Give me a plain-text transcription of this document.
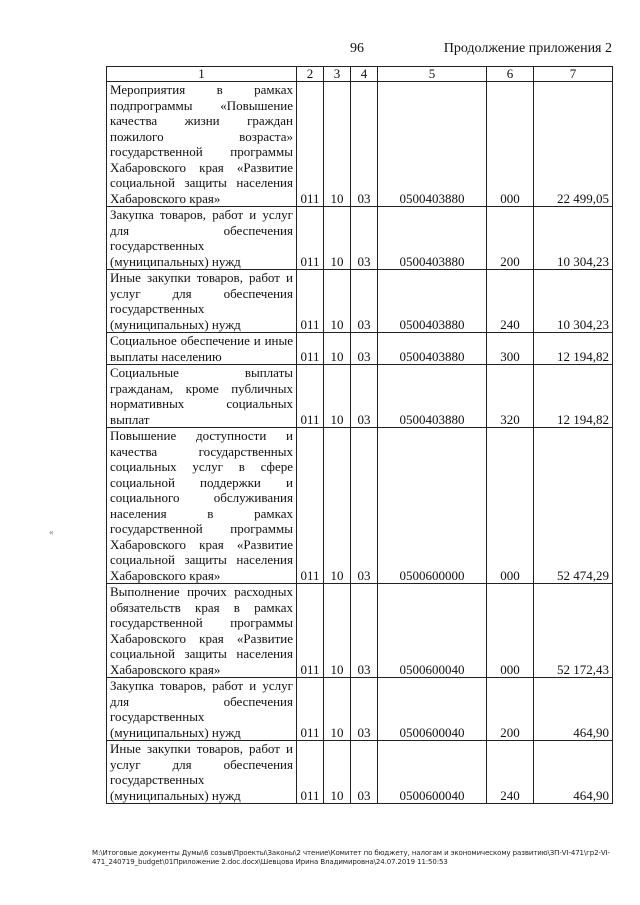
96	Продолжение приложения 2
«
1	2	3	4	5	6	7
Мероприятия в рамках подпрограммы «Повышение качества жизни граждан пожилого возраста» государственной программы Хабаровского края «Развитие социальной защиты населения Хабаровского края»	011	10	03	0500403880	000	22 499,05
Закупка товаров, работ и услуг для обеспечения государственных (муниципальных) нужд	011	10	03	0500403880	200	10 304,23
Иные закупки товаров, работ и услуг для обеспечения государственных (муниципальных) нужд	011	10	03	0500403880	240	10 304,23
Социальное обеспечение и иные выплаты населению	011	10	03	0500403880	300	12 194,82
Социальные выплаты гражданам, кроме публичных нормативных социальных выплат	011	10	03	0500403880	320	12 194,82
Повышение доступности и качества государственных социальных услуг в сфере социальной поддержки и социального обслуживания населения в рамках государственной программы Хабаровского края «Развитие социальной защиты населения Хабаровского края»	011	10	03	0500600000	000	52 474,29
Выполнение прочих расходных обязательств края в рамках государственной программы Хабаровского края «Развитие социальной защиты населения Хабаровского края»	011	10	03	0500600040	000	52 172,43
Закупка товаров, работ и услуг для обеспечения государственных (муниципальных) нужд	011	10	03	0500600040	200	464,90
Иные закупки товаров, работ и услуг для обеспечения государственных (муниципальных) нужд	011	10	03	0500600040	240	464,90
М:\Итоговые документы Думы\6 созыв\Проекты\Законы\2 чтение\Комитет по бюджету, налогам и экономическому развитию\ЗП-VI-471\гр2-VI-
471_240719_budget\01Приложение 2.doc.docx\Шевцова Ирина Владимировна\24.07.2019 11:50:53
